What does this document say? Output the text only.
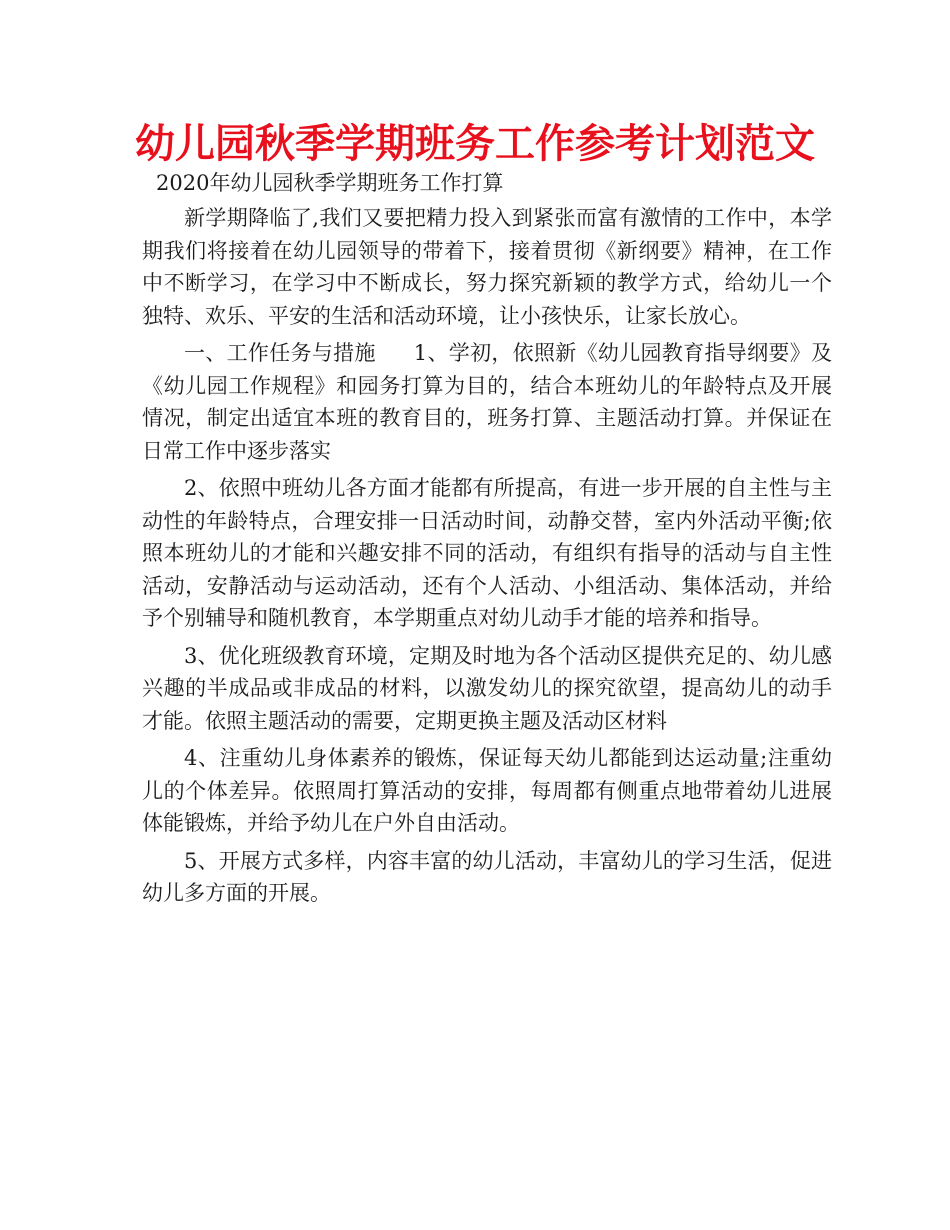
幼儿园秋季学期班务工作参考计划范文

2020年幼儿园秋季学期班务工作打算

新学期降临了,我们又要把精力投入到紧张而富有激情的工作中，本学期我们将接着在幼儿园领导的带着下，接着贯彻《新纲要》精神，在工作中不断学习，在学习中不断成长，努力探究新颖的教学方式，给幼儿一个独特、欢乐、平安的生活和活动环境，让小孩快乐，让家长放心。

一、工作任务与措施 1、学初，依照新《幼儿园教育指导纲要》及《幼儿园工作规程》和园务打算为目的，结合本班幼儿的年龄特点及开展情况，制定出适宜本班的教育目的，班务打算、主题活动打算。并保证在日常工作中逐步落实

2、依照中班幼儿各方面才能都有所提高，有进一步开展的自主性与主动性的年龄特点，合理安排一日活动时间，动静交替，室内外活动平衡;依照本班幼儿的才能和兴趣安排不同的活动，有组织有指导的活动与自主性活动，安静活动与运动活动，还有个人活动、小组活动、集体活动，并给予个别辅导和随机教育，本学期重点对幼儿动手才能的培养和指导。

3、优化班级教育环境，定期及时地为各个活动区提供充足的、幼儿感兴趣的半成品或非成品的材料，以激发幼儿的探究欲望，提高幼儿的动手才能。依照主题活动的需要，定期更换主题及活动区材料

4、注重幼儿身体素养的锻炼，保证每天幼儿都能到达运动量;注重幼儿的个体差异。依照周打算活动的安排，每周都有侧重点地带着幼儿进展体能锻炼，并给予幼儿在户外自由活动。

5、开展方式多样，内容丰富的幼儿活动，丰富幼儿的学习生活，促进幼儿多方面的开展。
